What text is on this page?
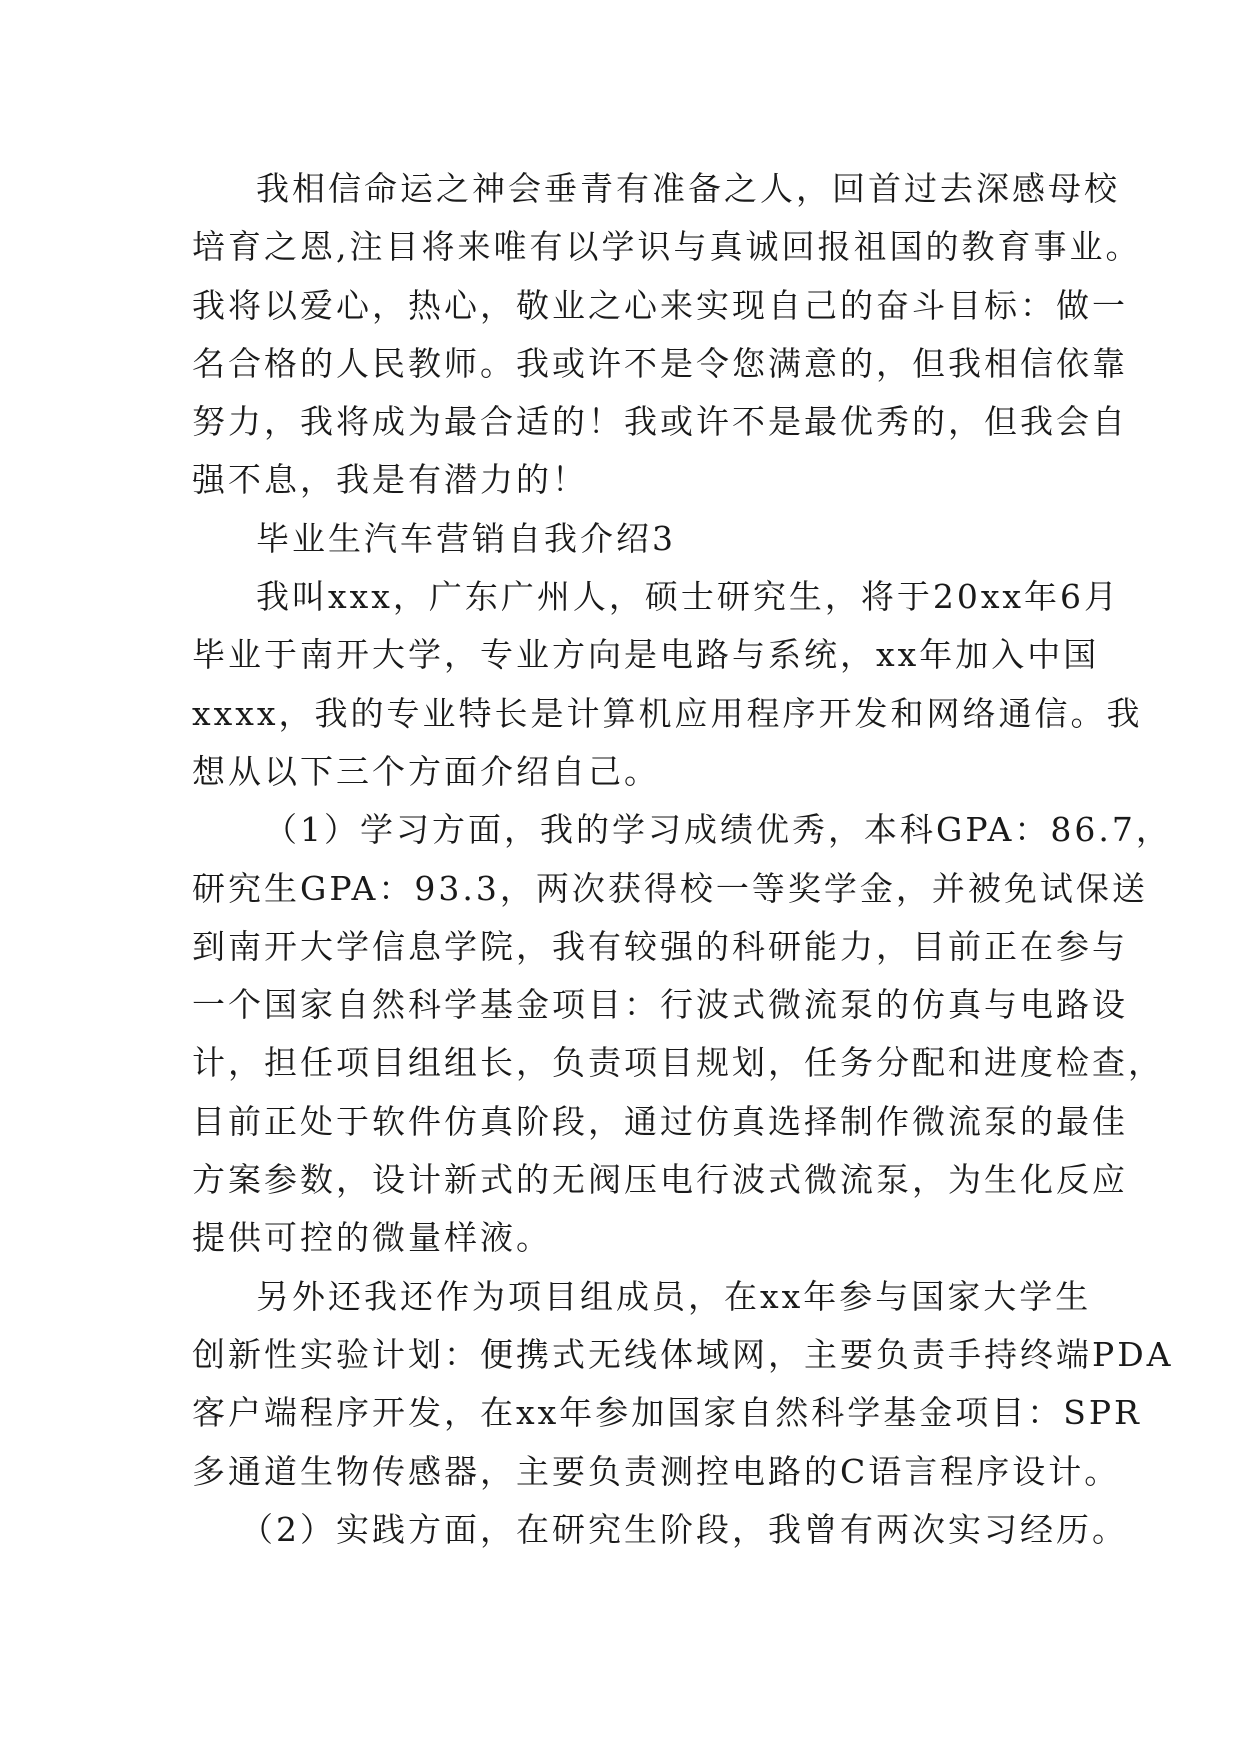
我相信命运之神会垂青有准备之人，回首过去深感母校
培育之恩,注目将来唯有以学识与真诚回报祖国的教育事业。
我将以爱心，热心，敬业之心来实现自己的奋斗目标：做一
名合格的人民教师。我或许不是令您满意的，但我相信依靠
努力，我将成为最合适的！我或许不是最优秀的，但我会自
强不息，我是有潜力的！
毕业生汽车营销自我介绍3
我叫xxx，广东广州人，硕士研究生，将于20xx年6月
毕业于南开大学，专业方向是电路与系统，xx年加入中国
xxxx，我的专业特长是计算机应用程序开发和网络通信。我
想从以下三个方面介绍自己。
（1）学习方面，我的学习成绩优秀，本科GPA：86.7，
研究生GPA：93.3，两次获得校一等奖学金，并被免试保送
到南开大学信息学院，我有较强的科研能力，目前正在参与
一个国家自然科学基金项目：行波式微流泵的仿真与电路设
计，担任项目组组长，负责项目规划，任务分配和进度检查，
目前正处于软件仿真阶段，通过仿真选择制作微流泵的最佳
方案参数，设计新式的无阀压电行波式微流泵，为生化反应
提供可控的微量样液。
另外还我还作为项目组成员，在xx年参与国家大学生
创新性实验计划：便携式无线体域网，主要负责手持终端PDA
客户端程序开发，在xx年参加国家自然科学基金项目：SPR
多通道生物传感器，主要负责测控电路的C语言程序设计。
（2）实践方面，在研究生阶段，我曾有两次实习经历。
